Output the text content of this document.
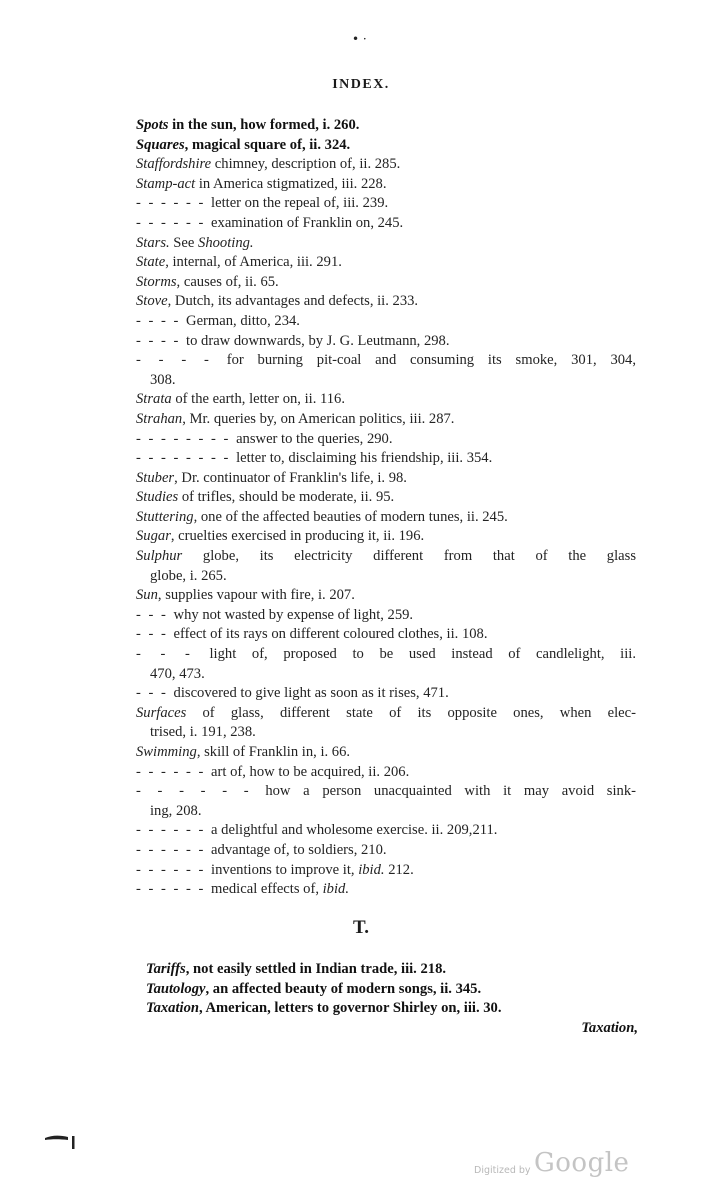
• ·
INDEX.
Spots in the sun, how formed, i. 260.
Squares, magical square of, ii. 324.
Staffordshire chimney, description of, ii. 285.
Stamp-act in America stigmatized, iii. 228.
- - - - - - letter on the repeal of, iii. 239.
- - - - - - examination of Franklin on, 245.
Stars. See Shooting.
State, internal, of America, iii. 291.
Storms, causes of, ii. 65.
Stove, Dutch, its advantages and defects, ii. 233.
- - - - German, ditto, 234.
- - - - to draw downwards, by J. G. Leutmann, 298.
- - - - for burning pit-coal and consuming its smoke, 301, 304,
308.
Strata of the earth, letter on, ii. 116.
Strahan, Mr. queries by, on American politics, iii. 287.
- - - - - - - - answer to the queries, 290.
- - - - - - - - letter to, disclaiming his friendship, iii. 354.
Stuber, Dr. continuator of Franklin's life, i. 98.
Studies of trifles, should be moderate, ii. 95.
Stuttering, one of the affected beauties of modern tunes, ii. 245.
Sugar, cruelties exercised in producing it, ii. 196.
Sulphur globe, its electricity different from that of the glass
globe, i. 265.
Sun, supplies vapour with fire, i. 207.
- - - why not wasted by expense of light, 259.
- - - effect of its rays on different coloured clothes, ii. 108.
- - - light of, proposed to be used instead of candlelight, iii.
470, 473.
- - - discovered to give light as soon as it rises, 471.
Surfaces of glass, different state of its opposite ones, when elec-
trised, i. 191, 238.
Swimming, skill of Franklin in, i. 66.
- - - - - - art of, how to be acquired, ii. 206.
- - - - - - how a person unacquainted with it may avoid sink-
ing, 208.
- - - - - - a delightful and wholesome exercise. ii. 209,211.
- - - - - - advantage of, to soldiers, 210.
- - - - - - inventions to improve it, ibid. 212.
- - - - - - medical effects of, ibid.
T.
Tariffs, not easily settled in Indian trade, iii. 218.
Tautology, an affected beauty of modern songs, ii. 345.
Taxation, American, letters to governor Shirley on, iii. 30.
Taxation,
Digitized by Google
